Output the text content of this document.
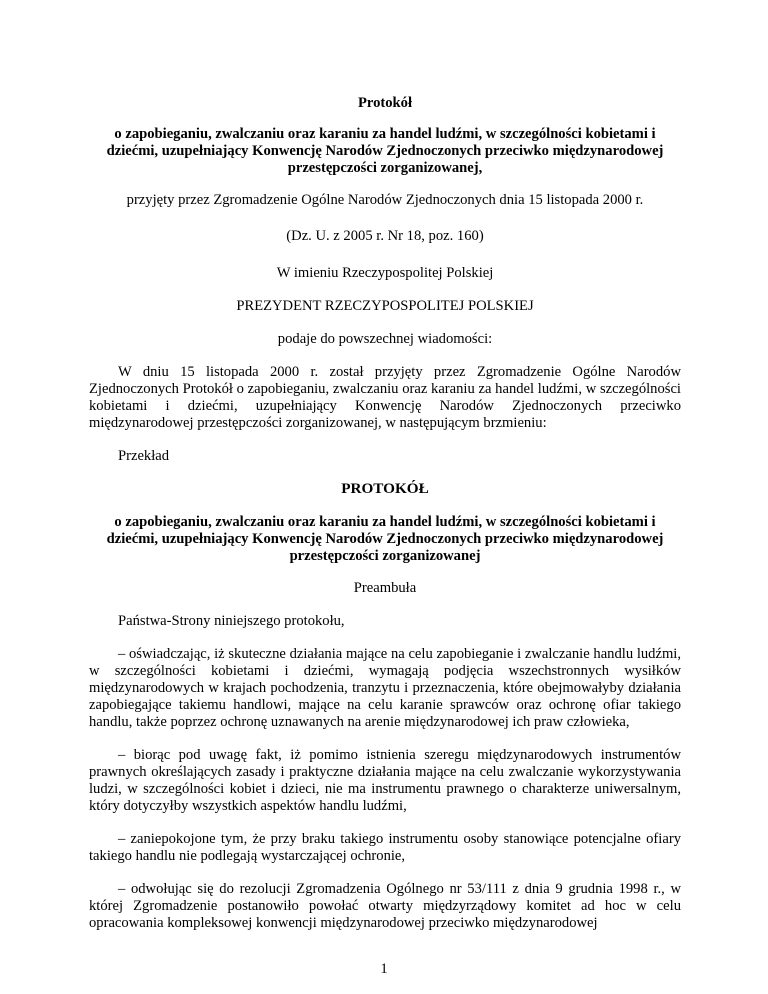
Protokół

o zapobieganiu, zwalczaniu oraz karaniu za handel ludźmi, w szczególności kobietami i dziećmi, uzupełniający Konwencję Narodów Zjednoczonych przeciwko międzynarodowej przestępczości zorganizowanej,

przyjęty przez Zgromadzenie Ogólne Narodów Zjednoczonych dnia 15 listopada 2000 r.

(Dz. U. z 2005 r. Nr 18, poz. 160)

W imieniu Rzeczypospolitej Polskiej

PREZYDENT RZECZYPOSPOLITEJ POLSKIEJ

podaje do powszechnej wiadomości:

W dniu 15 listopada 2000 r. został przyjęty przez Zgromadzenie Ogólne Narodów Zjednoczonych Protokół o zapobieganiu, zwalczaniu oraz karaniu za handel ludźmi, w szczególności kobietami i dziećmi, uzupełniający Konwencję Narodów Zjednoczonych przeciwko międzynarodowej przestępczości zorganizowanej, w następującym brzmieniu:

Przekład

PROTOKÓŁ

o zapobieganiu, zwalczaniu oraz karaniu za handel ludźmi, w szczególności kobietami i dziećmi, uzupełniający Konwencję Narodów Zjednoczonych przeciwko międzynarodowej przestępczości zorganizowanej

Preambuła

Państwa-Strony niniejszego protokołu,

– oświadczając, iż skuteczne działania mające na celu zapobieganie i zwalczanie handlu ludźmi, w szczególności kobietami i dziećmi, wymagają podjęcia wszechstronnych wysiłków międzynarodowych w krajach pochodzenia, tranzytu i przeznaczenia, które obejmowałyby działania zapobiegające takiemu handlowi, mające na celu karanie sprawców oraz ochronę ofiar takiego handlu, także poprzez ochronę uznawanych na arenie międzynarodowej ich praw człowieka,

– biorąc pod uwagę fakt, iż pomimo istnienia szeregu międzynarodowych instrumentów prawnych określających zasady i praktyczne działania mające na celu zwalczanie wykorzystywania ludzi, w szczególności kobiet i dzieci, nie ma instrumentu prawnego o charakterze uniwersalnym, który dotyczyłby wszystkich aspektów handlu ludźmi,

– zaniepokojone tym, że przy braku takiego instrumentu osoby stanowiące potencjalne ofiary takiego handlu nie podlegają wystarczającej ochronie,

– odwołując się do rezolucji Zgromadzenia Ogólnego nr 53/111 z dnia 9 grudnia 1998 r., w której Zgromadzenie postanowiło powołać otwarty międzyrządowy komitet ad hoc w celu opracowania kompleksowej konwencji międzynarodowej przeciwko międzynarodowej

1
